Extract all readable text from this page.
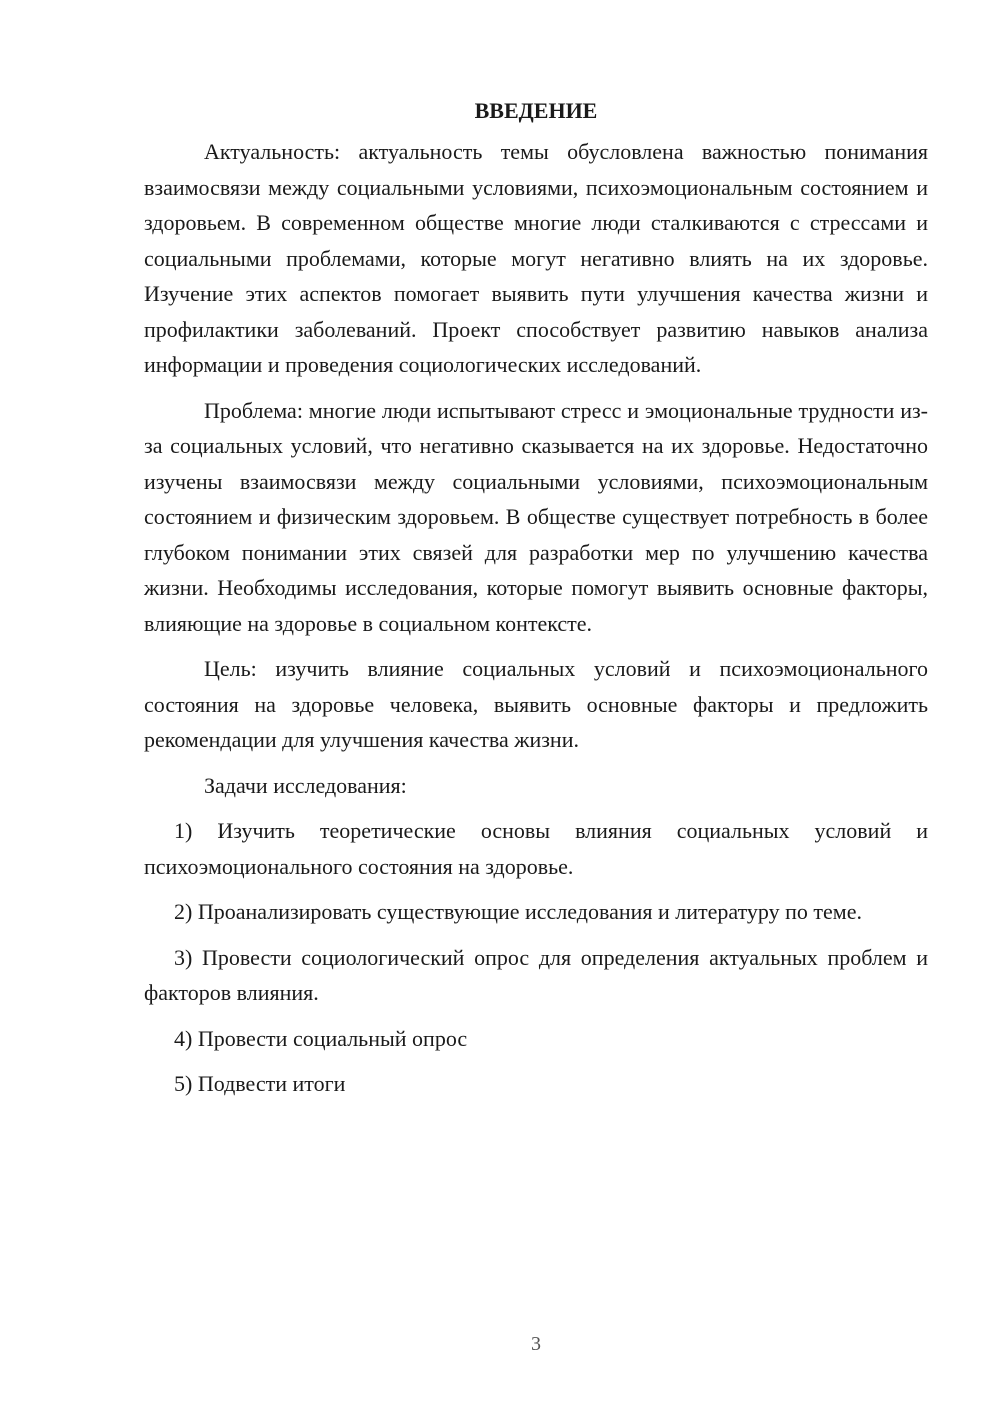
ВВЕДЕНИЕ

Актуальность: актуальность темы обусловлена важностью понимания взаимосвязи между социальными условиями, психоэмоциональным состоянием и здоровьем. В современном обществе многие люди сталкиваются с стрессами и социальными проблемами, которые могут негативно влиять на их здоровье. Изучение этих аспектов помогает выявить пути улучшения качества жизни и профилактики заболеваний. Проект способствует развитию навыков анализа информации и проведения социологических исследований.

Проблема: многие люди испытывают стресс и эмоциональные трудности из-за социальных условий, что негативно сказывается на их здоровье. Недостаточно изучены взаимосвязи между социальными условиями, психоэмоциональным состоянием и физическим здоровьем. В обществе существует потребность в более глубоком понимании этих связей для разработки мер по улучшению качества жизни. Необходимы исследования, которые помогут выявить основные факторы, влияющие на здоровье в социальном контексте.

Цель: изучить влияние социальных условий и психоэмоционального состояния на здоровье человека, выявить основные факторы и предложить рекомендации для улучшения качества жизни.

Задачи исследования:

1) Изучить теоретические основы влияния социальных условий и психоэмоционального состояния на здоровье.

2) Проанализировать существующие исследования и литературу по теме.

3) Провести социологический опрос для определения актуальных проблем и факторов влияния.

4) Провести социальный опрос

5) Подвести итоги

3
